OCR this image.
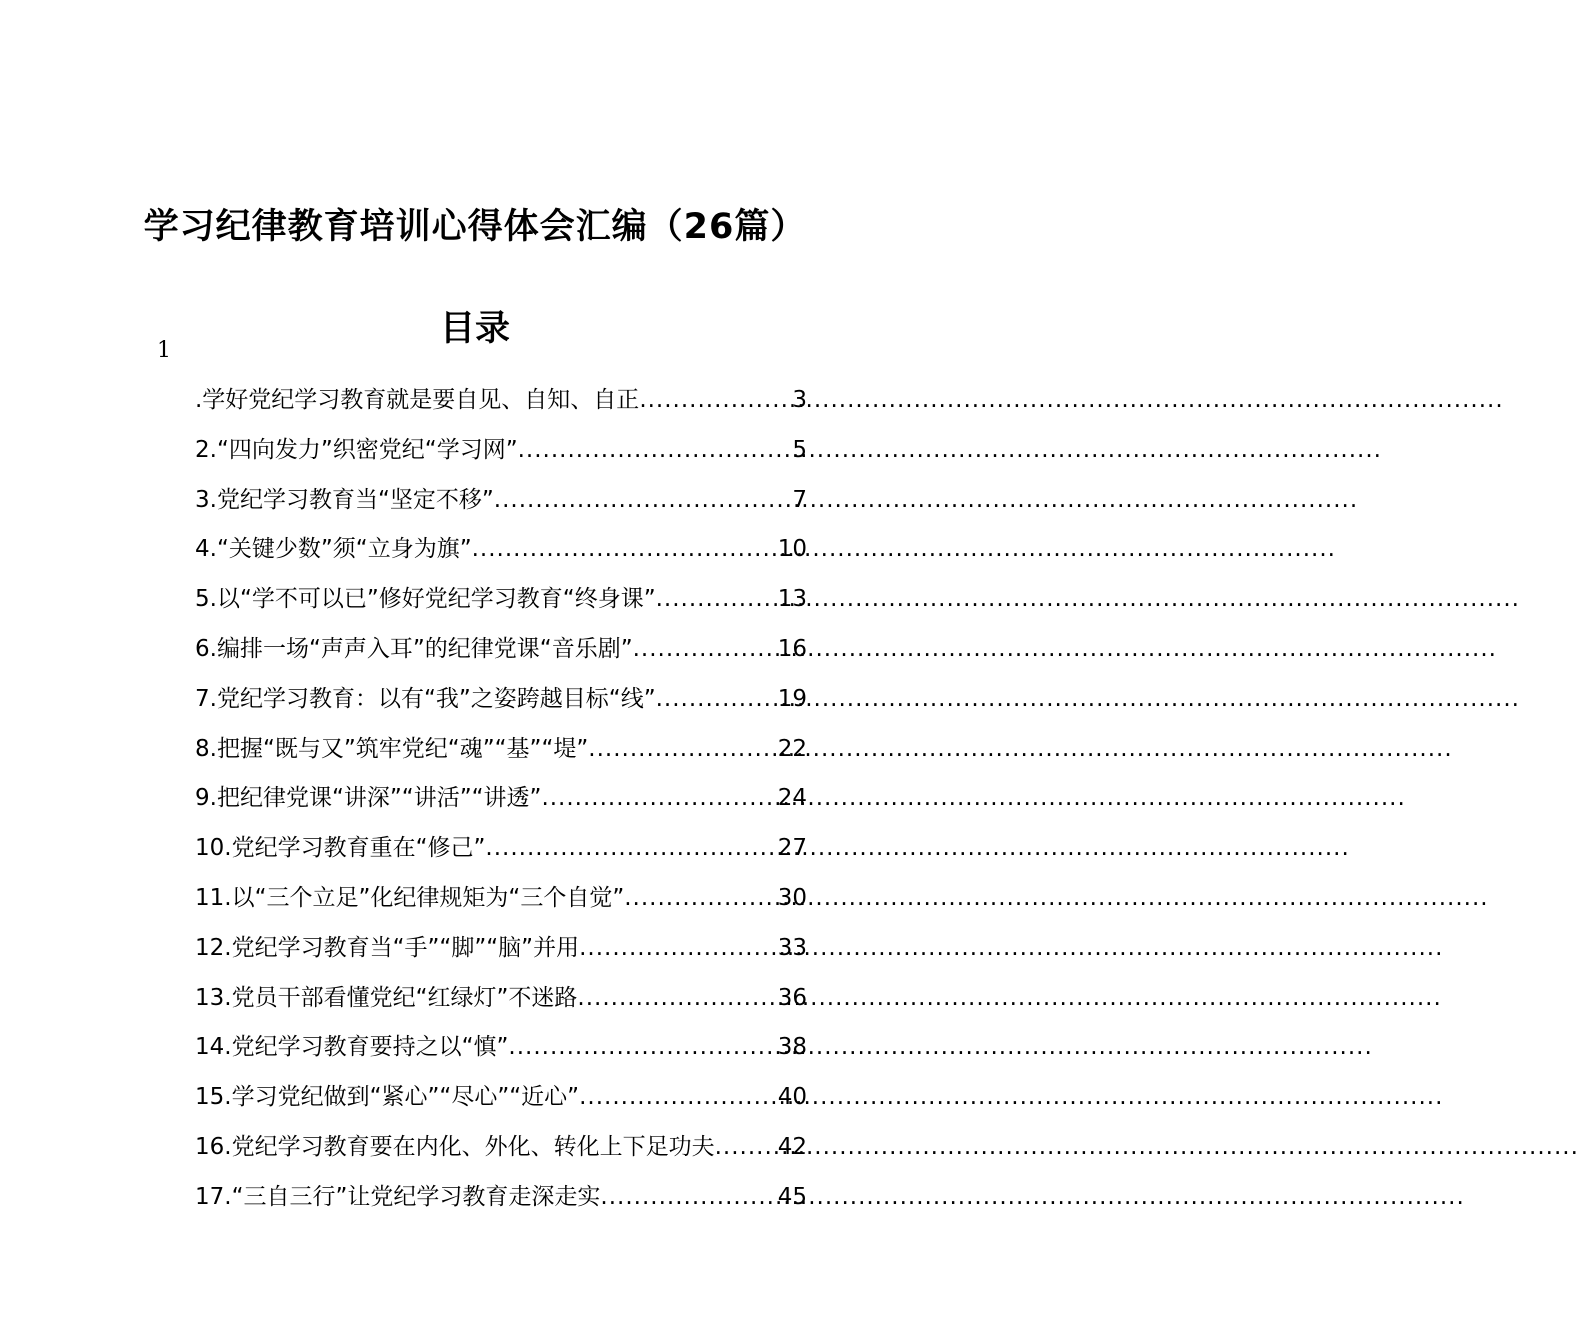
学习纪律教育培训心得体会汇编（26篇）
目录
1
.学好党纪学习教育就是要自见、自知、自正 .....	3
2.“四向发力”织密党纪“学习网” .....	5
3.党纪学习教育当“坚定不移” .....	7
4.“关键少数”须“立身为旗” .....	10
5.以“学不可以已”修好党纪学习教育“终身课” .....	13
6.编排一场“声声入耳”的纪律党课“音乐剧” .....	16
7.党纪学习教育：以有“我”之姿跨越目标“线” .....	19
8.把握“既与又”筑牢党纪“魂”“基”“堤” .....	22
9.把纪律党课“讲深”“讲活”“讲透” .....	24
10.党纪学习教育重在“修己” .....	27
11.以“三个立足”化纪律规矩为“三个自觉” .....	30
12.党纪学习教育当“手”“脚”“脑”并用 .....	33
13.党员干部看懂党纪“红绿灯”不迷路 .....	36
14.党纪学习教育要持之以“慎” .....	38
15.学习党纪做到“紧心”“尽心”“近心” .....	40
16.党纪学习教育要在内化、外化、转化上下足功夫 .....	42
17.“三自三行”让党纪学习教育走深走实 .....	45
